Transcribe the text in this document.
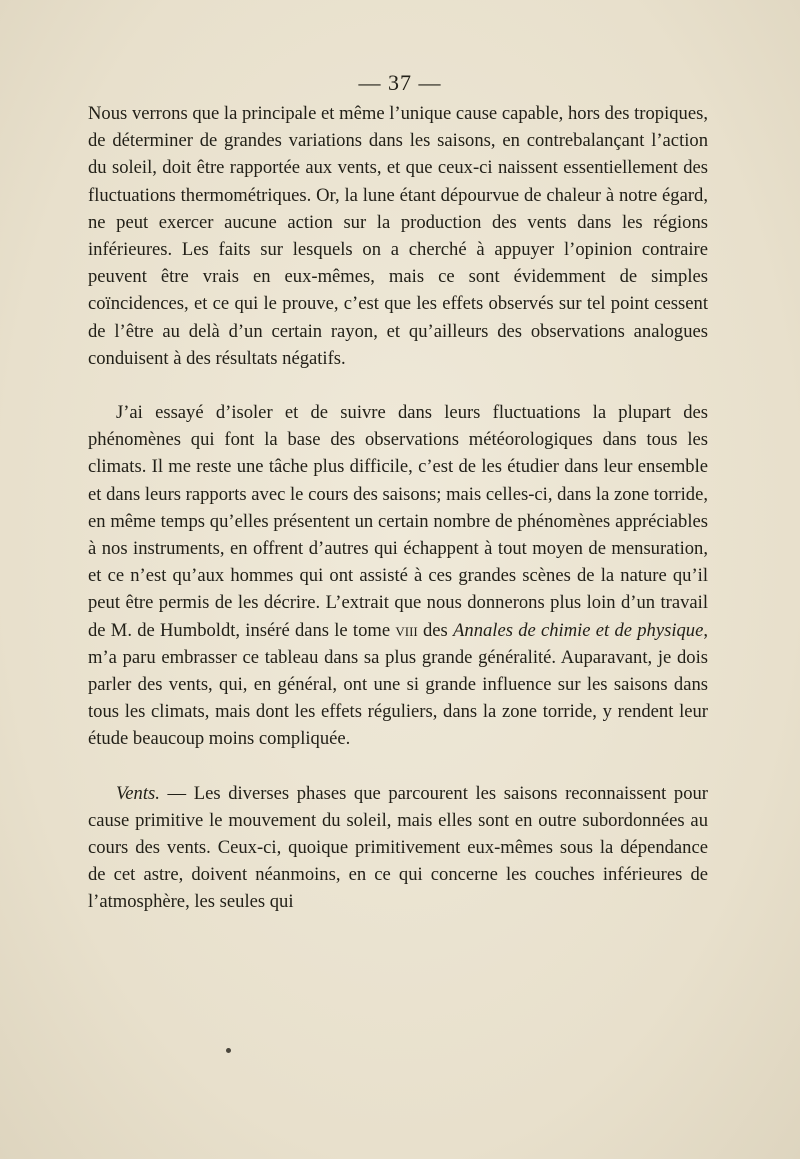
— 37 —

Nous verrons que la principale et même l’unique cause capable, hors des tropiques, de déterminer de grandes variations dans les saisons, en contrebalançant l’action du soleil, doit être rapportée aux vents, et que ceux-ci naissent essentiellement des fluctuations thermométriques. Or, la lune étant dépourvue de chaleur à notre égard, ne peut exercer aucune action sur la production des vents dans les régions inférieures. Les faits sur lesquels on a cherché à appuyer l’opinion contraire peuvent être vrais en eux-mêmes, mais ce sont évidemment de simples coïncidences, et ce qui le prouve, c’est que les effets observés sur tel point cessent de l’être au delà d’un certain rayon, et qu’ailleurs des observations analogues conduisent à des résultats négatifs.

J’ai essayé d’isoler et de suivre dans leurs fluctuations la plupart des phénomènes qui font la base des observations météorologiques dans tous les climats. Il me reste une tâche plus difficile, c’est de les étudier dans leur ensemble et dans leurs rapports avec le cours des saisons; mais celles-ci, dans la zone torride, en même temps qu’elles présentent un certain nombre de phénomènes appréciables à nos instruments, en offrent d’autres qui échappent à tout moyen de mensuration, et ce n’est qu’aux hommes qui ont assisté à ces grandes scènes de la nature qu’il peut être permis de les décrire. L’extrait que nous donnerons plus loin d’un travail de M. de Humboldt, inséré dans le tome viii des Annales de chimie et de physique, m’a paru embrasser ce tableau dans sa plus grande généralité. Auparavant, je dois parler des vents, qui, en général, ont une si grande influence sur les saisons dans tous les climats, mais dont les effets réguliers, dans la zone torride, y rendent leur étude beaucoup moins compliquée.

Vents. — Les diverses phases que parcourent les saisons reconnaissent pour cause primitive le mouvement du soleil, mais elles sont en outre subordonnées au cours des vents. Ceux-ci, quoique primitivement eux-mêmes sous la dépendance de cet astre, doivent néanmoins, en ce qui concerne les couches inférieures de l’atmosphère, les seules qui
